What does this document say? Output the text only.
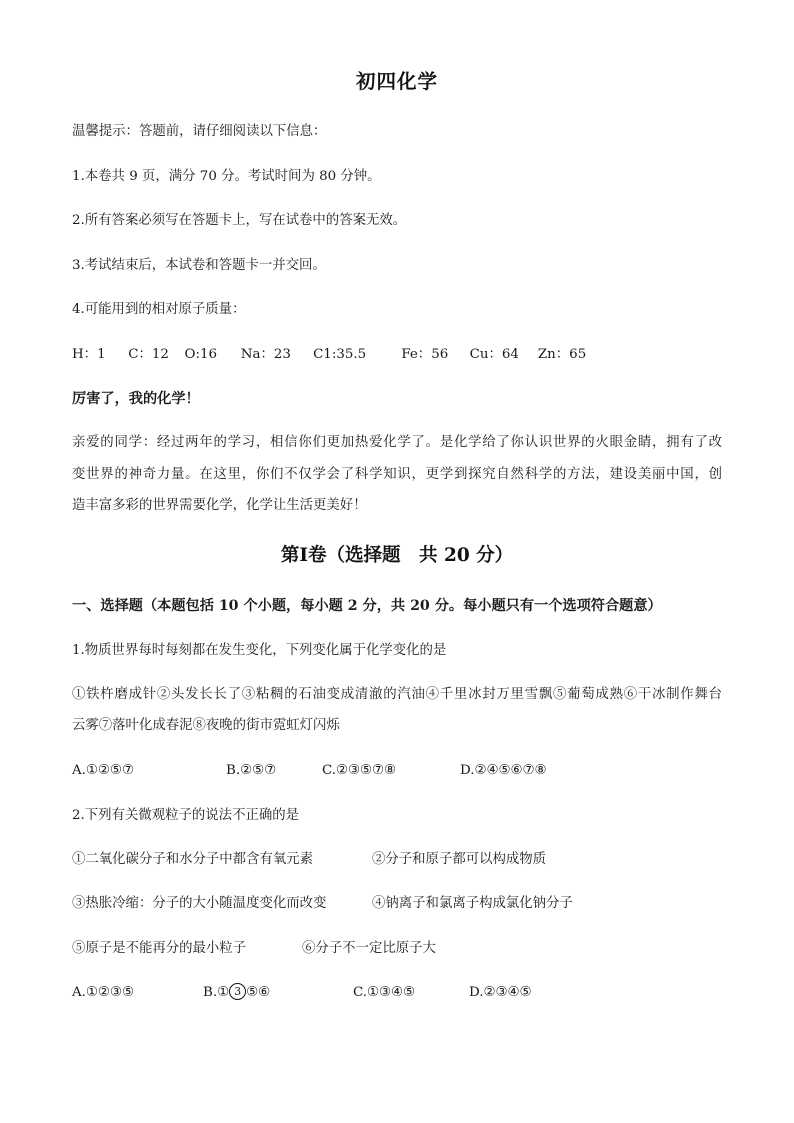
初四化学
温馨提示：答题前，请仔细阅读以下信息：
1.本卷共 9 页，满分 70 分。考试时间为 80 分钟。
2.所有答案必须写在答题卡上，写在试卷中的答案无效。
3.考试结束后，本试卷和答题卡一并交回。
4.可能用到的相对原子质量：
H：1 C：12 O:16 Na：23 C1:35.5	Fe：56 Cu：64 Zn：65
厉害了，我的化学！
亲爱的同学：经过两年的学习，相信你们更加热爱化学了。是化学给了你认识世界的火眼金睛，拥有了改
变世界的神奇力量。在这里，你们不仅学会了科学知识，更学到探究自然科学的方法，建设美丽中国，创
造丰富多彩的世界需要化学，化学让生活更美好！
第Ⅰ卷（选择题　共 20 分）
一、选择题（本题包括 10 个小题，每小题 2 分，共 20 分。每小题只有一个选项符合题意）
1.物质世界每时每刻都在发生变化，下列变化属于化学变化的是
①铁杵磨成针②头发长长了③粘稠的石油变成清澈的汽油④千里冰封万里雪飘⑤葡萄成熟⑥干冰制作舞台
云雾⑦落叶化成春泥⑧夜晚的街市霓虹灯闪烁
A.①②⑤⑦	B.②⑤⑦	C.②③⑤⑦⑧	D.②④⑤⑥⑦⑧
2.下列有关微观粒子的说法不正确的是
①二氧化碳分子和水分子中都含有氧元素	②分子和原子都可以构成物质
③热胀冷缩：分子的大小随温度变化而改变	④钠离子和氯离子构成氯化钠分子
⑤原子是不能再分的最小粒子	⑥分子不一定比原子大
A.①②③⑤	B.① 3 ⑤⑥	C.①③④⑤	D.②③④⑤
